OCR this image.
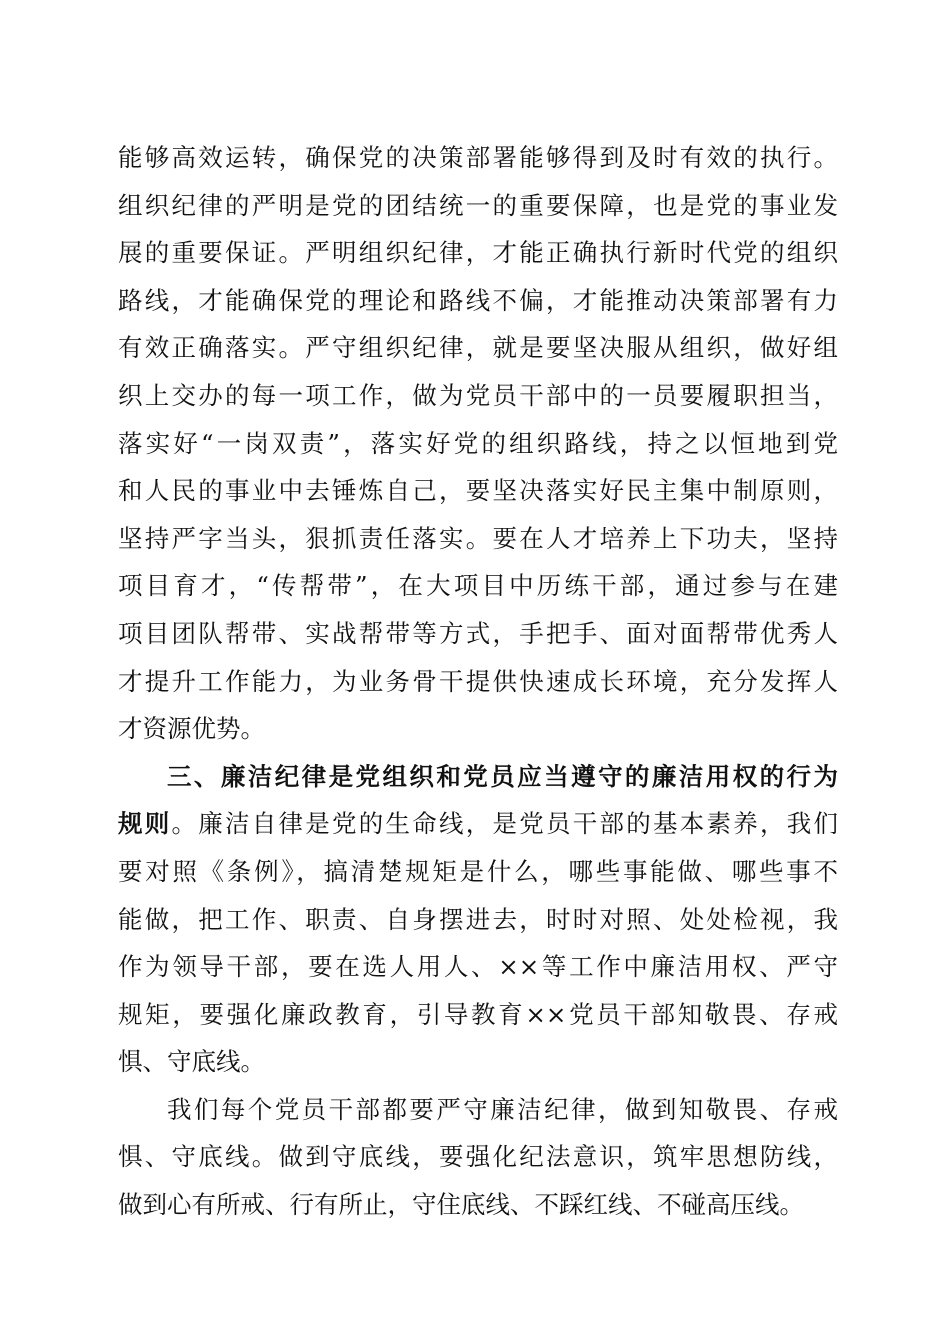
能够高效运转，确保党的决策部署能够得到及时有效的执行。
组织纪律的严明是党的团结统一的重要保障，也是党的事业发
展的重要保证。严明组织纪律，才能正确执行新时代党的组织
路线，才能确保党的理论和路线不偏，才能推动决策部署有力
有效正确落实。严守组织纪律，就是要坚决服从组织，做好组
织上交办的每一项工作，做为党员干部中的一员要履职担当，
落实好“一岗双责”，落实好党的组织路线，持之以恒地到党
和人民的事业中去锤炼自己，要坚决落实好民主集中制原则，
坚持严字当头，狠抓责任落实。要在人才培养上下功夫，坚持
项目育才，“传帮带”，在大项目中历练干部，通过参与在建
项目团队帮带、实战帮带等方式，手把手、面对面帮带优秀人
才提升工作能力，为业务骨干提供快速成长环境，充分发挥人
才资源优势。
三、廉洁纪律是党组织和党员应当遵守的廉洁用权的行为
规则。廉洁自律是党的生命线，是党员干部的基本素养，我们
要对照《条例》，搞清楚规矩是什么，哪些事能做、哪些事不
能做，把工作、职责、自身摆进去，时时对照、处处检视，我
作为领导干部，要在选人用人、××等工作中廉洁用权、严守
规矩，要强化廉政教育，引导教育××党员干部知敬畏、存戒
惧、守底线。
我们每个党员干部都要严守廉洁纪律，做到知敬畏、存戒
惧、守底线。做到守底线，要强化纪法意识，筑牢思想防线，
做到心有所戒、行有所止，守住底线、不踩红线、不碰高压线。
